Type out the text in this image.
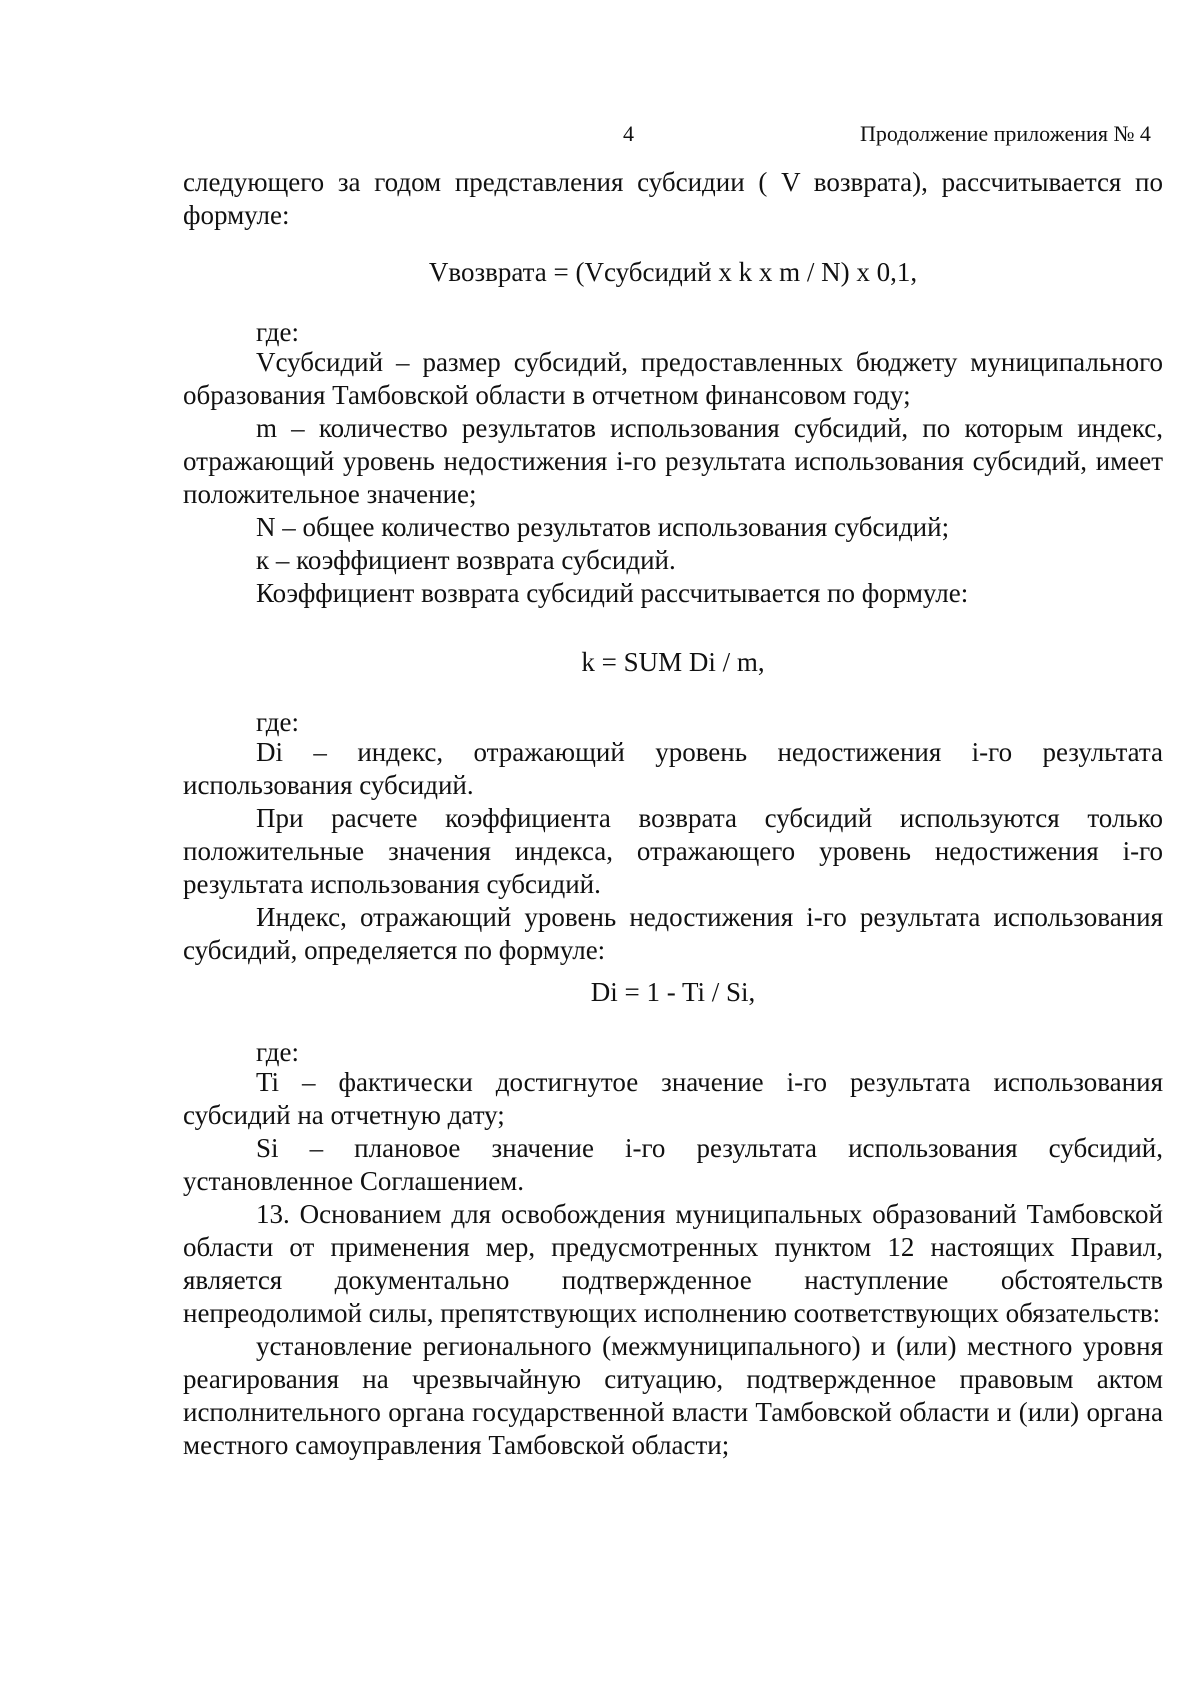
4	Продолжение приложения № 4

следующего за годом представления субсидии ( V возврата), рассчитывается по формуле:

Vвозврата = (Vсубсидий х k х m / N) х 0,1,
где:

Vсубсидий – размер субсидий, предоставленных бюджету муниципального образования Тамбовской области в отчетном финансовом году;

m – количество результатов использования субсидий, по которым индекс, отражающий уровень недостижения i-го результата использования субсидий, имеет положительное значение;

N – общее количество результатов использования субсидий;

к – коэффициент возврата субсидий.

Коэффициент возврата субсидий рассчитывается по формуле:

k = SUM Di / m,
где:

Di – индекс, отражающий уровень недостижения i-го результата использования субсидий.

При расчете коэффициента возврата субсидий используются только положительные значения индекса, отражающего уровень недостижения i-го результата использования субсидий.

Индекс, отражающий уровень недостижения i-го результата использования субсидий, определяется по формуле:

Di = 1 - Ti / Si,
где:

Ti – фактически достигнутое значение i-го результата использования субсидий на отчетную дату;

Si – плановое значение i-го результата использования субсидий, установленное Соглашением.

13. Основанием для освобождения муниципальных образований Тамбовской области от применения мер, предусмотренных пунктом 12 настоящих Правил, является документально подтвержденное наступление обстоятельств непреодолимой силы, препятствующих исполнению соответствующих обязательств:

установление регионального (межмуниципального) и (или) местного уровня реагирования на чрезвычайную ситуацию, подтвержденное правовым актом исполнительного органа государственной власти Тамбовской области и (или) органа местного самоуправления Тамбовской области;
